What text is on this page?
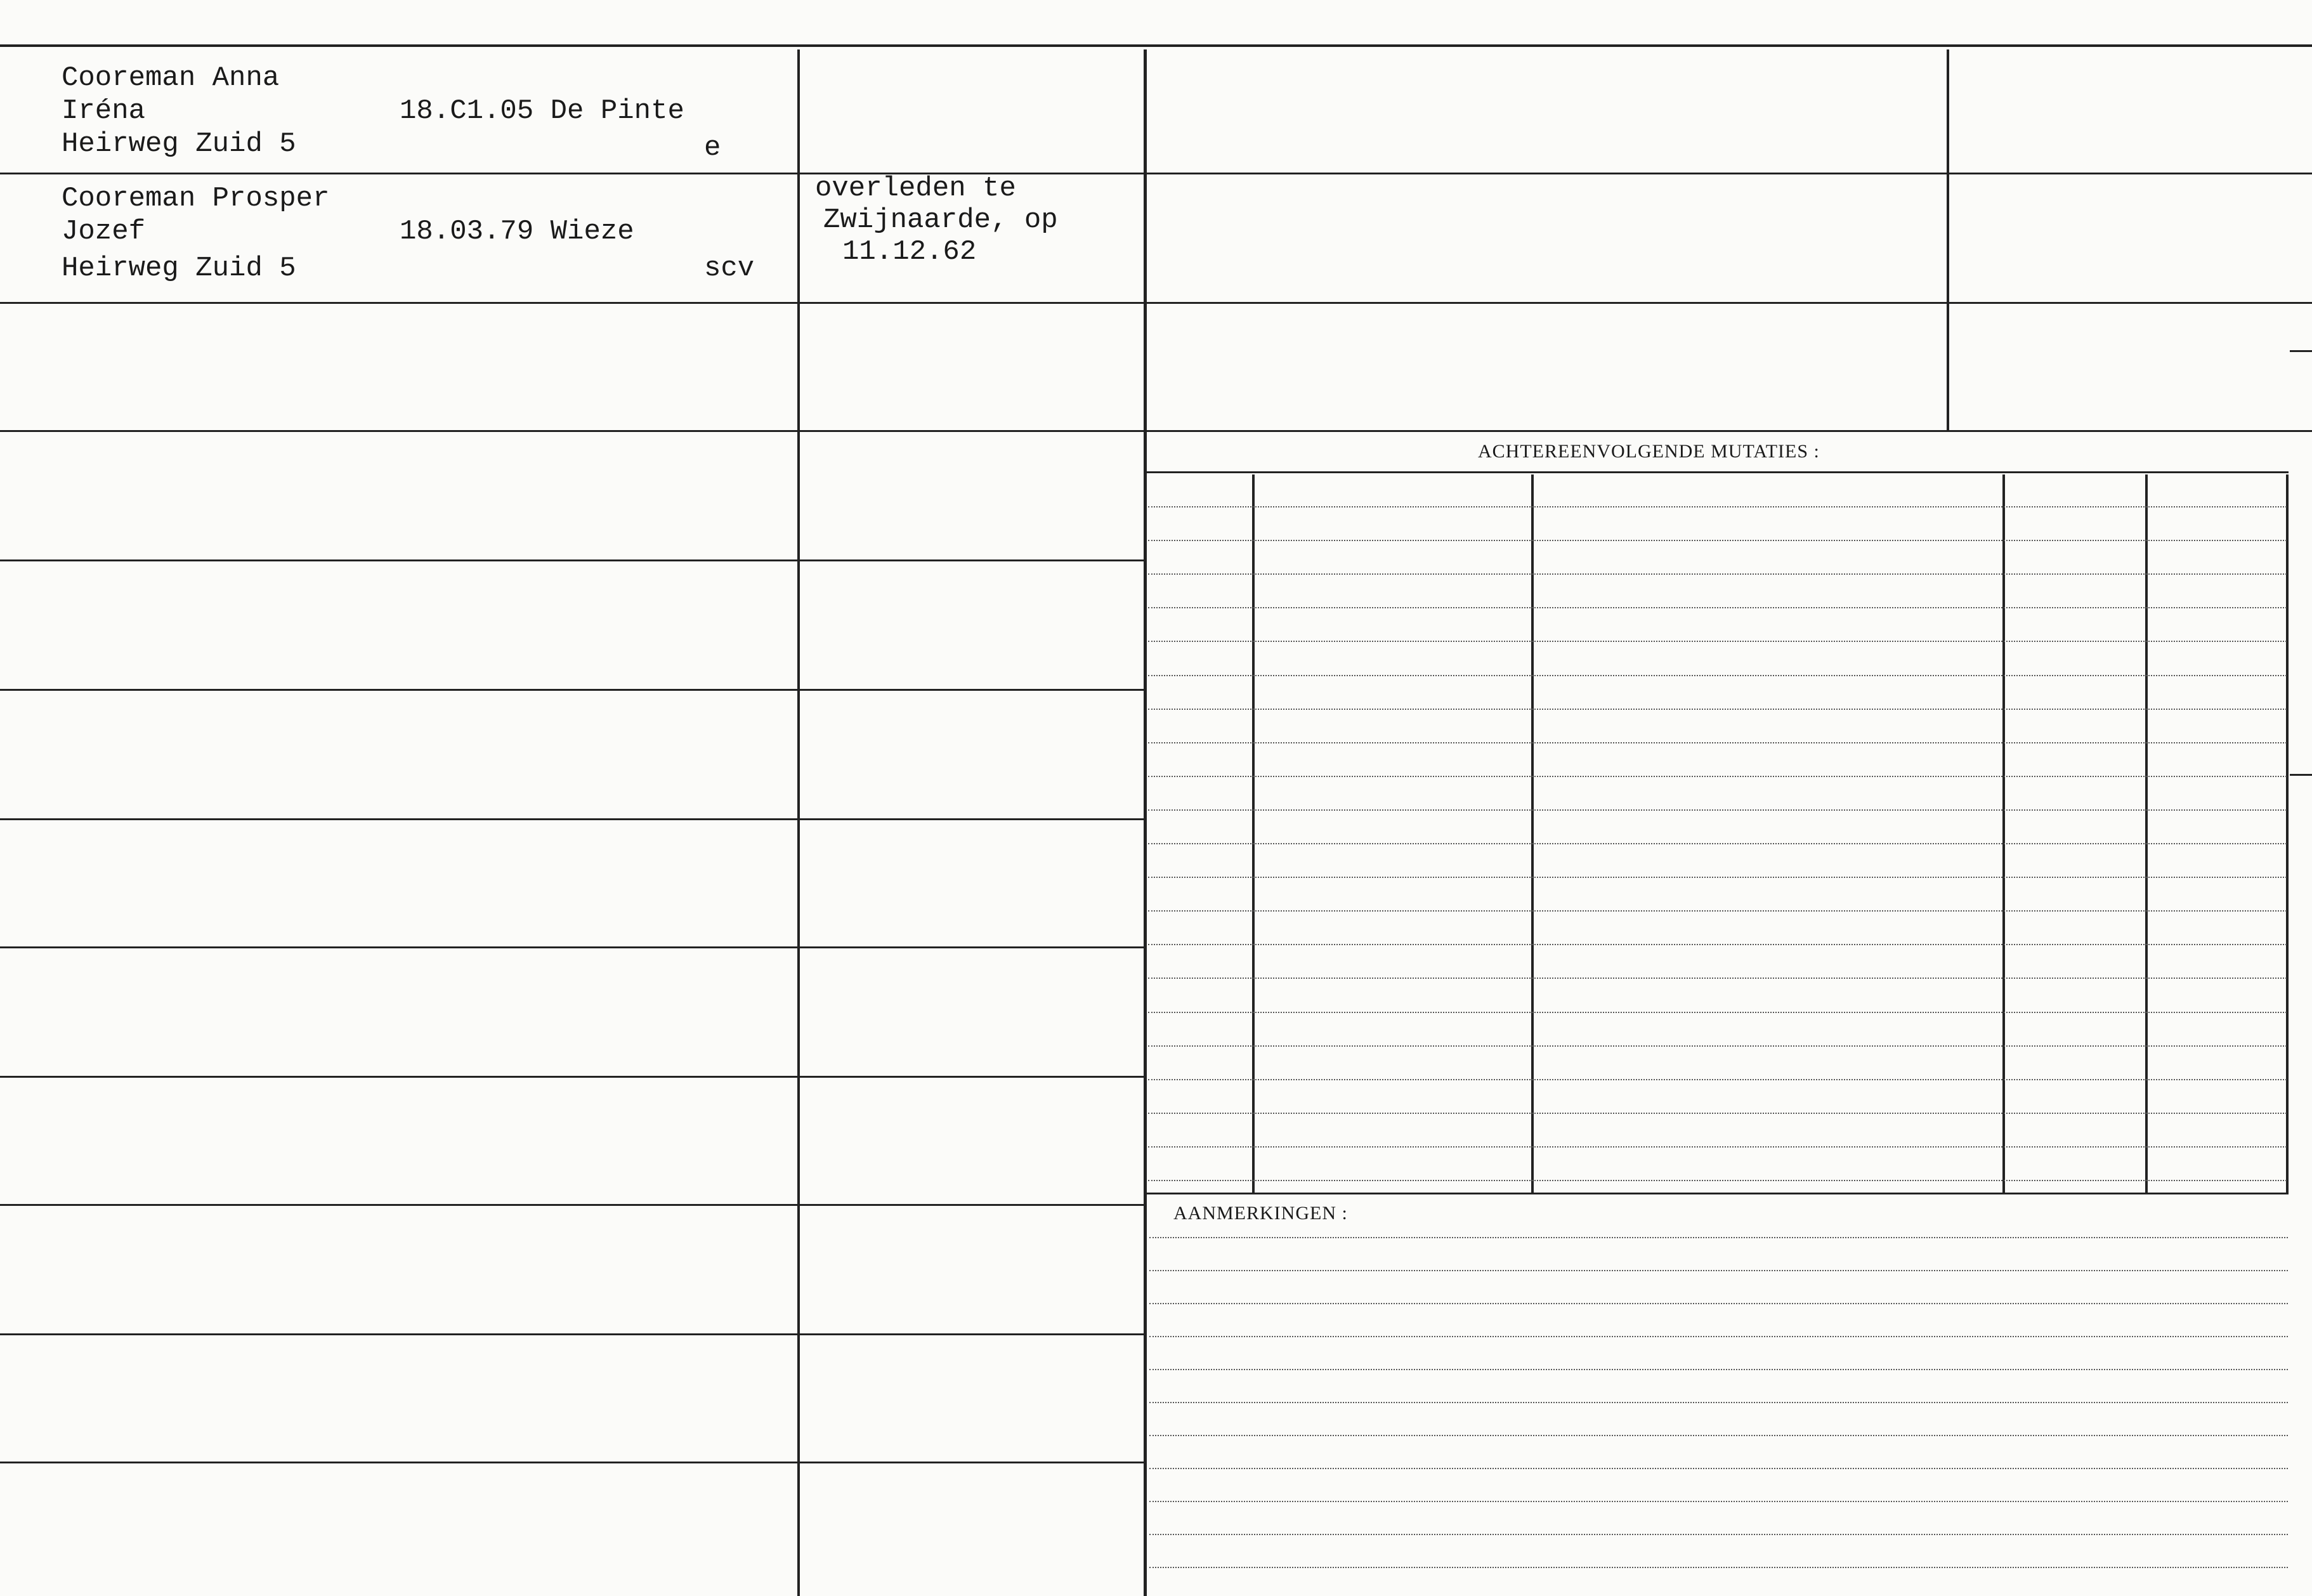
ACHTEREENVOLGENDE MUTATIES :
AANMERKINGEN :
Cooreman Anna
Iréna
Heirweg Zuid 5
18.C1.05 De Pinte
e
Cooreman Prosper
Jozef
Heirweg Zuid 5
18.03.79 Wieze
scv
overleden te
Zwijnaarde, op
11.12.62
